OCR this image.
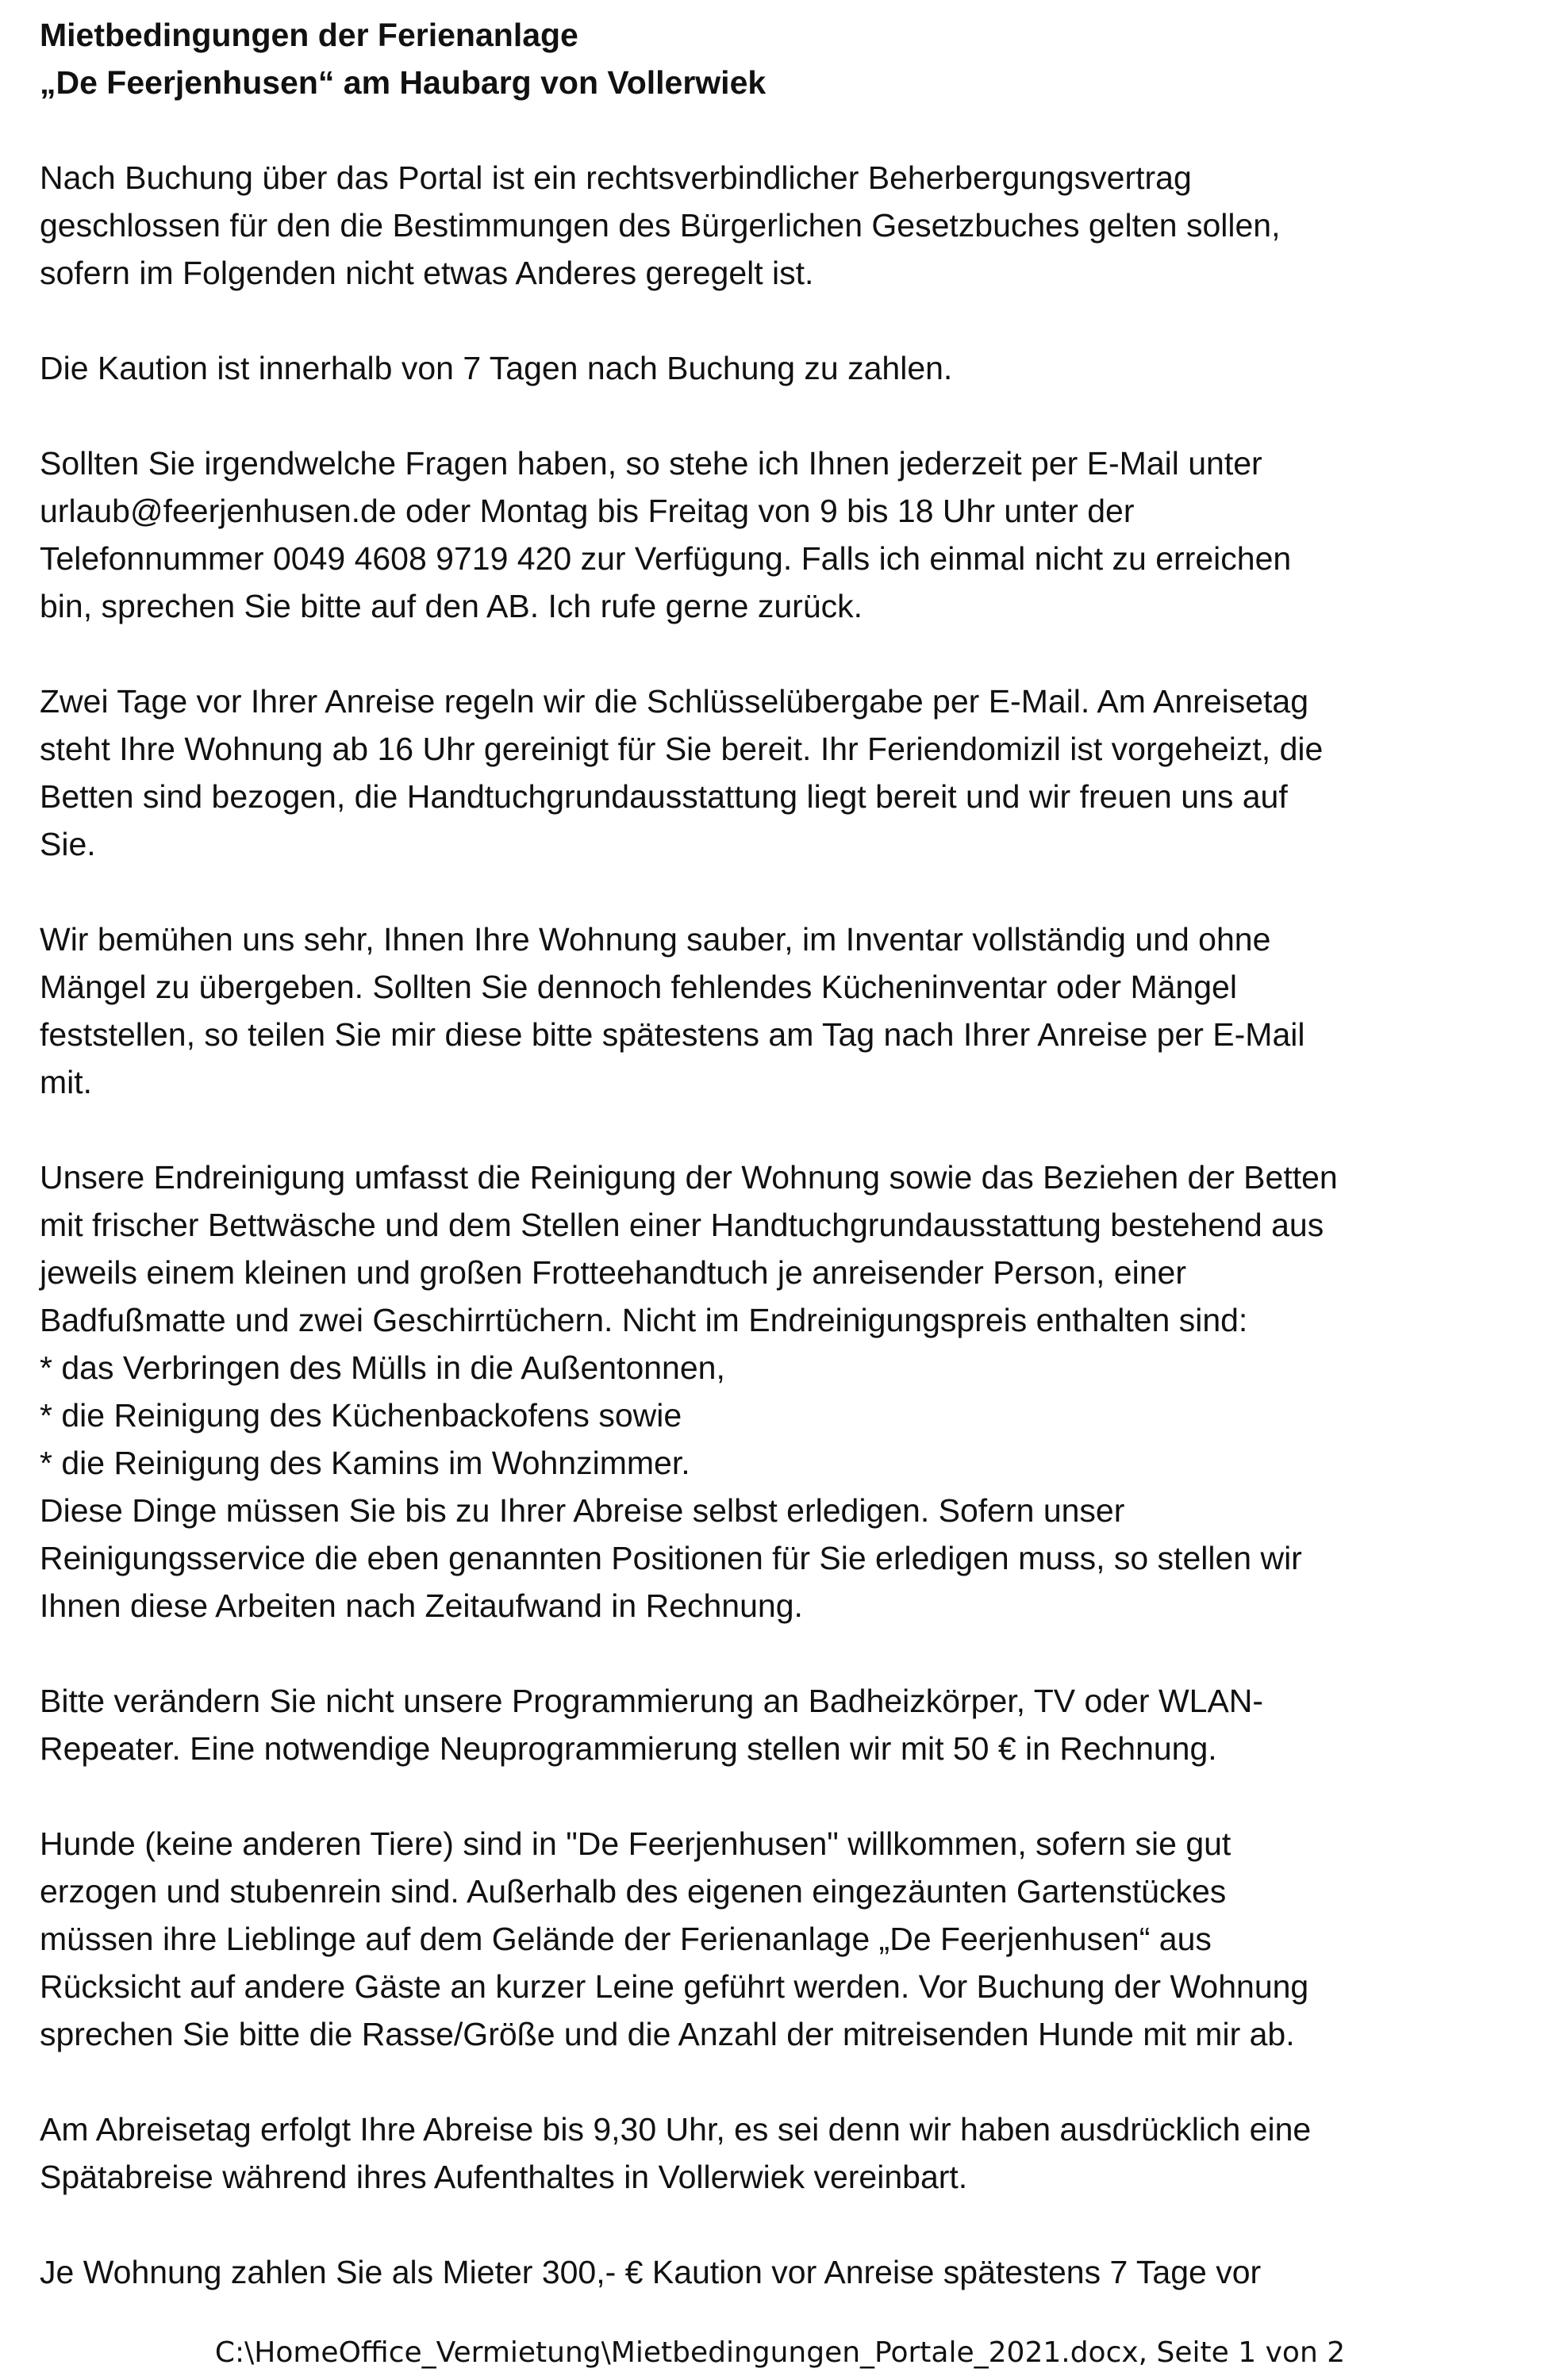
Mietbedingungen der Ferienanlage
„De Feerjenhusen“ am Haubarg von Vollerwiek
Nach Buchung über das Portal ist ein rechtsverbindlicher Beherbergungsvertrag
geschlossen für den die Bestimmungen des Bürgerlichen Gesetzbuches gelten sollen,
sofern im Folgenden nicht etwas Anderes geregelt ist.
Die Kaution ist innerhalb von 7 Tagen nach Buchung zu zahlen.
Sollten Sie irgendwelche Fragen haben, so stehe ich Ihnen jederzeit per E-Mail unter
urlaub@feerjenhusen.de oder Montag bis Freitag von 9 bis 18 Uhr unter der
Telefonnummer 0049 4608 9719 420 zur Verfügung. Falls ich einmal nicht zu erreichen
bin, sprechen Sie bitte auf den AB. Ich rufe gerne zurück.
Zwei Tage vor Ihrer Anreise regeln wir die Schlüsselübergabe per E-Mail. Am Anreisetag
steht Ihre Wohnung ab 16 Uhr gereinigt für Sie bereit. Ihr Feriendomizil ist vorgeheizt, die
Betten sind bezogen, die Handtuchgrundausstattung liegt bereit und wir freuen uns auf
Sie.
Wir bemühen uns sehr, Ihnen Ihre Wohnung sauber, im Inventar vollständig und ohne
Mängel zu übergeben. Sollten Sie dennoch fehlendes Kücheninventar oder Mängel
feststellen, so teilen Sie mir diese bitte spätestens am Tag nach Ihrer Anreise per E-Mail
mit.
Unsere Endreinigung umfasst die Reinigung der Wohnung sowie das Beziehen der Betten
mit frischer Bettwäsche und dem Stellen einer Handtuchgrundausstattung bestehend aus
jeweils einem kleinen und großen Frotteehandtuch je anreisender Person, einer
Badfußmatte und zwei Geschirrtüchern. Nicht im Endreinigungspreis enthalten sind:
* das Verbringen des Mülls in die Außentonnen,
* die Reinigung des Küchenbackofens sowie
* die Reinigung des Kamins im Wohnzimmer.
Diese Dinge müssen Sie bis zu Ihrer Abreise selbst erledigen. Sofern unser
Reinigungsservice die eben genannten Positionen für Sie erledigen muss, so stellen wir
Ihnen diese Arbeiten nach Zeitaufwand in Rechnung.
Bitte verändern Sie nicht unsere Programmierung an Badheizkörper, TV oder WLAN-
Repeater. Eine notwendige Neuprogrammierung stellen wir mit 50 € in Rechnung.
Hunde (keine anderen Tiere) sind in "De Feerjenhusen" willkommen, sofern sie gut
erzogen und stubenrein sind. Außerhalb des eigenen eingezäunten Gartenstückes
müssen ihre Lieblinge auf dem Gelände der Ferienanlage „De Feerjenhusen“ aus
Rücksicht auf andere Gäste an kurzer Leine geführt werden. Vor Buchung der Wohnung
sprechen Sie bitte die Rasse/Größe und die Anzahl der mitreisenden Hunde mit mir ab.
Am Abreisetag erfolgt Ihre Abreise bis 9,30 Uhr, es sei denn wir haben ausdrücklich eine
Spätabreise während ihres Aufenthaltes in Vollerwiek vereinbart.
Je Wohnung zahlen Sie als Mieter 300,- € Kaution vor Anreise spätestens 7 Tage vor
C:\HomeOffice_Vermietung\Mietbedingungen_Portale_2021.docx, Seite 1 von 2
